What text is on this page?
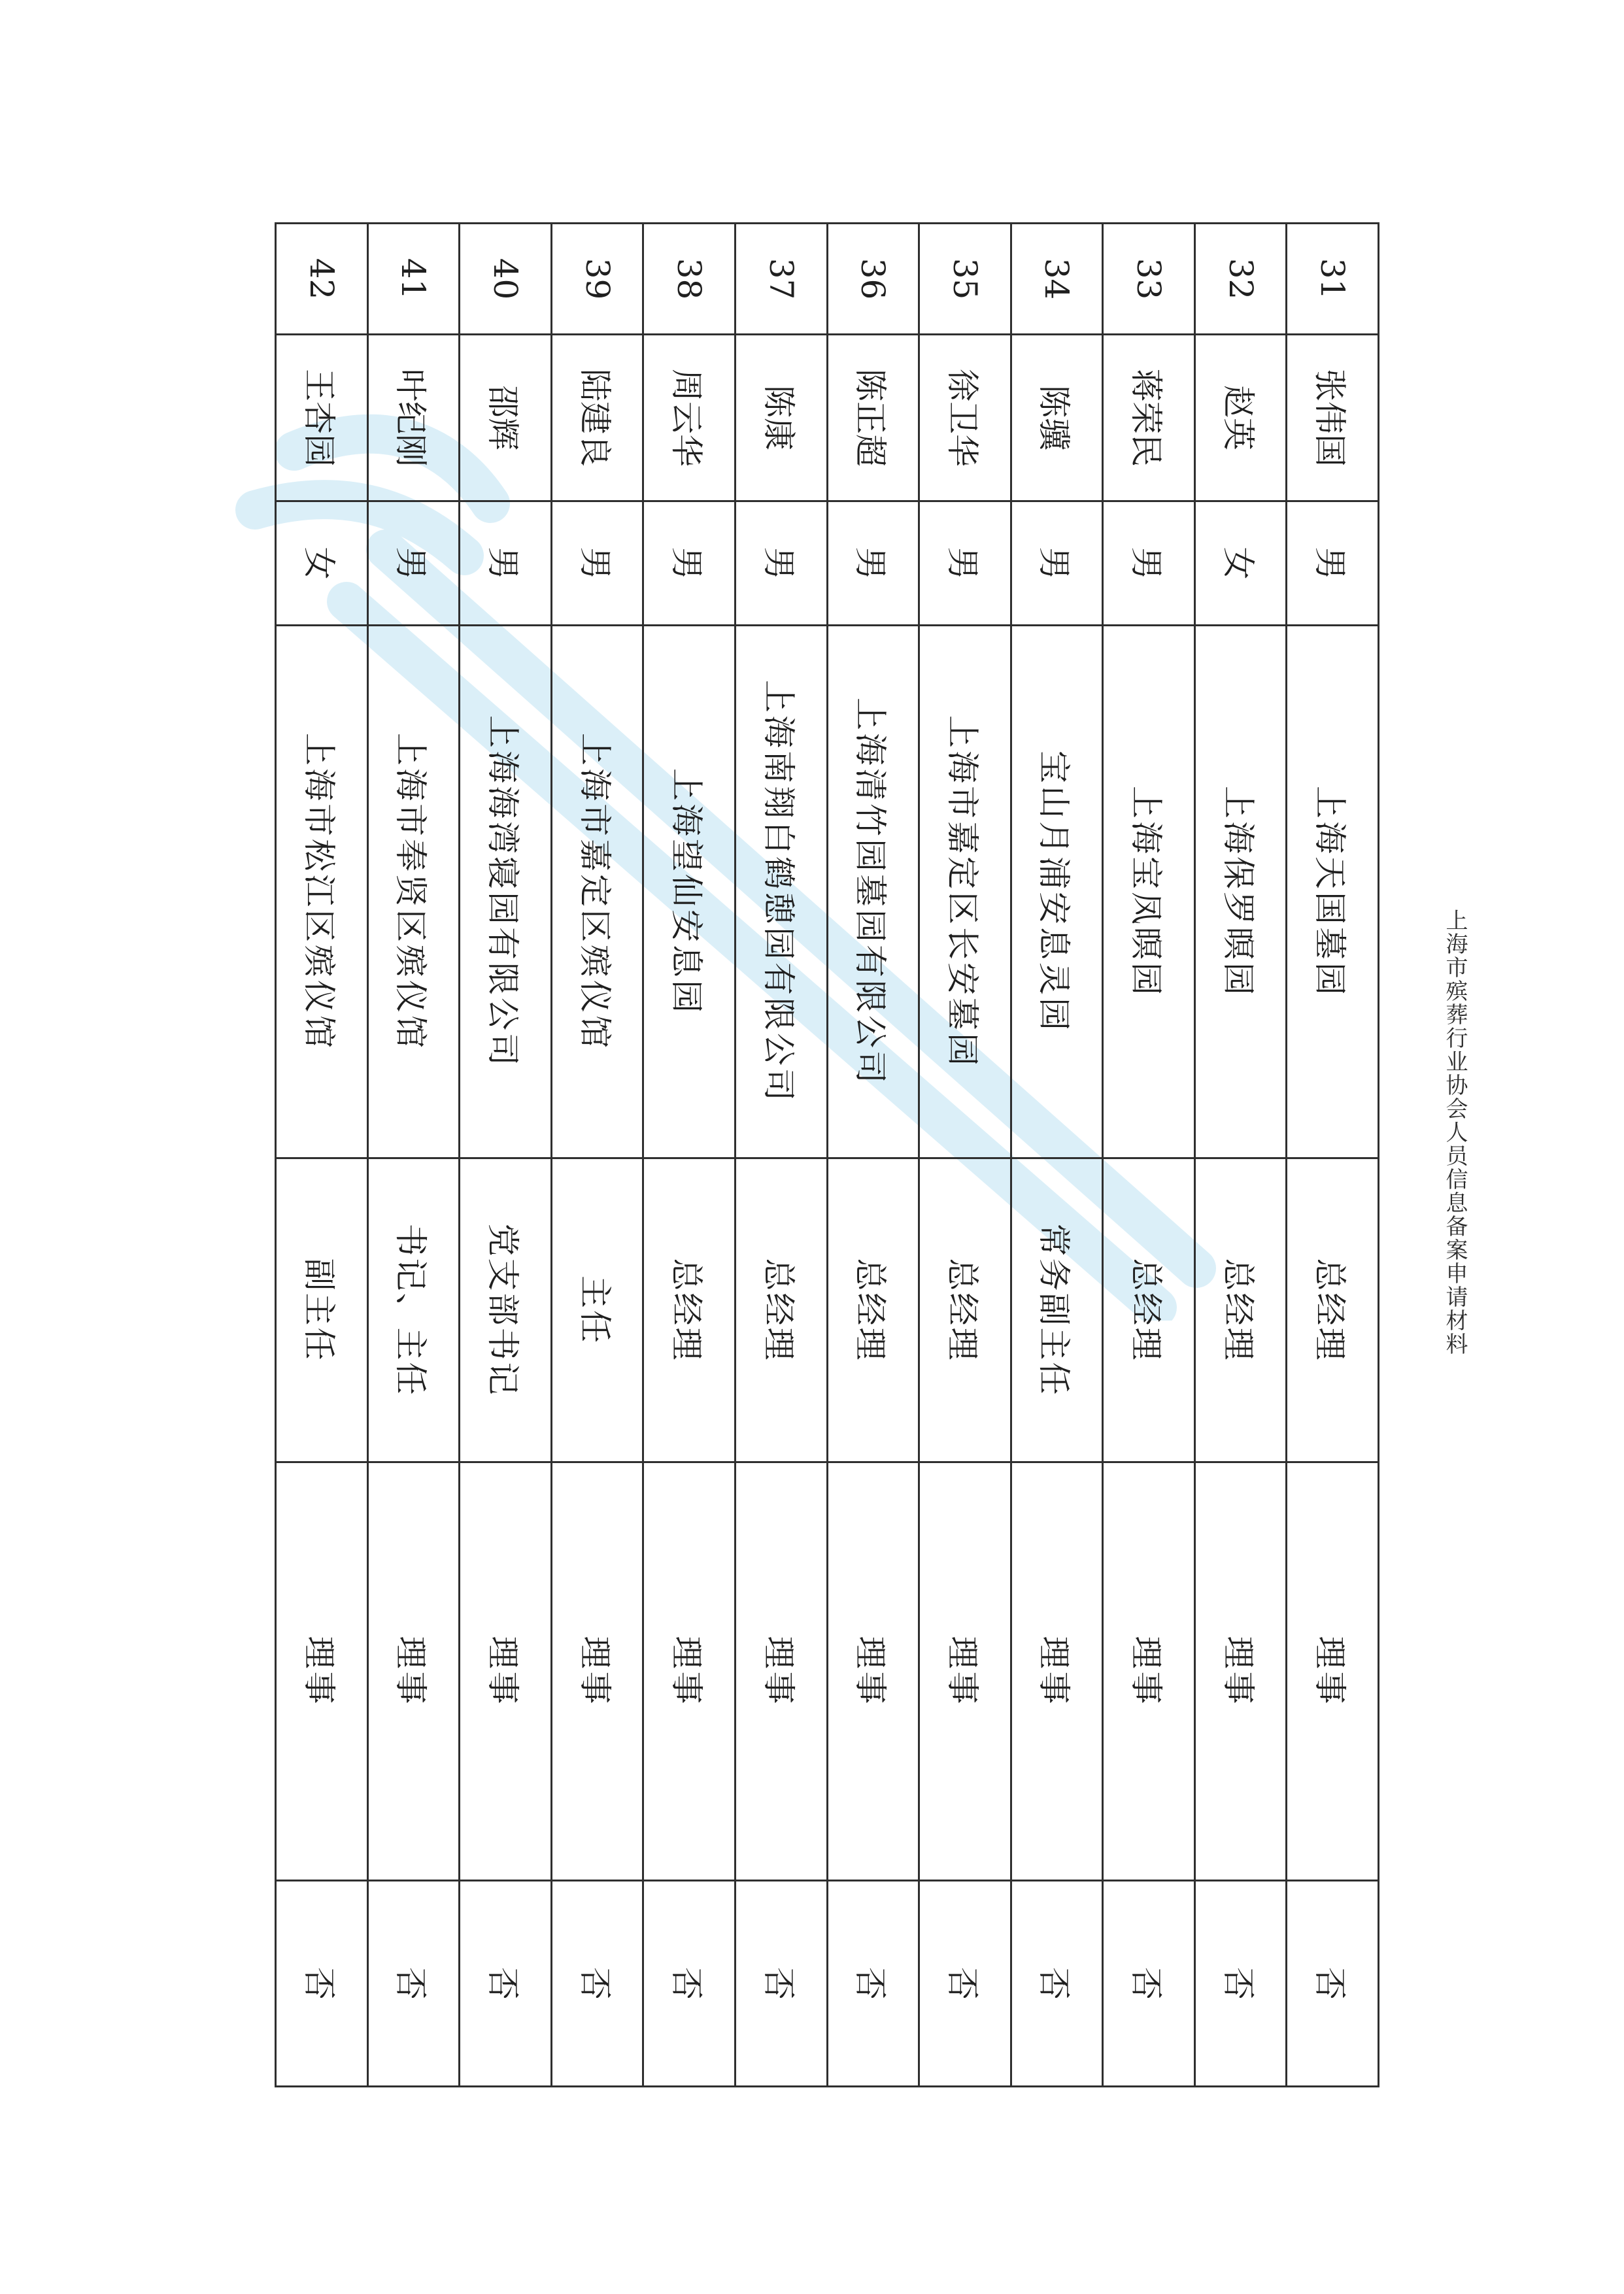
上海市殡葬行业协会人员信息备案申请材料
31	张伟国	男	上海天国墓园	总经理	理事	否
32	赵英	女	上海保罗暝园	总经理	理事	否
33	蒋荣民	男	上海宝凤暝园	总经理	理事	否
34	陈骥	男	宝山月浦安息灵园	常务副主任	理事	否
35	徐卫华	男	上海市嘉定区长安墓园	总经理	理事	否
36	陈正超	男	上海清竹园墓园有限公司	总经理	理事	否
37	陈康	男	上海南翔白鹤憩园有限公司	总经理	理事	否
38	周云华	男	上海望仙安息园	总经理	理事	否
39	陆建良	男	上海市嘉定区殡仪馆	主任	理事	否
40	邵辉	男	上海海湾寝园有限公司	党支部书记	理事	否
41	叶纪刚	男	上海市奉贤区殡仪馆	书记、主任	理事	否
42	王杏园	女	上海市松江区殡仪馆	副主任	理事	否
